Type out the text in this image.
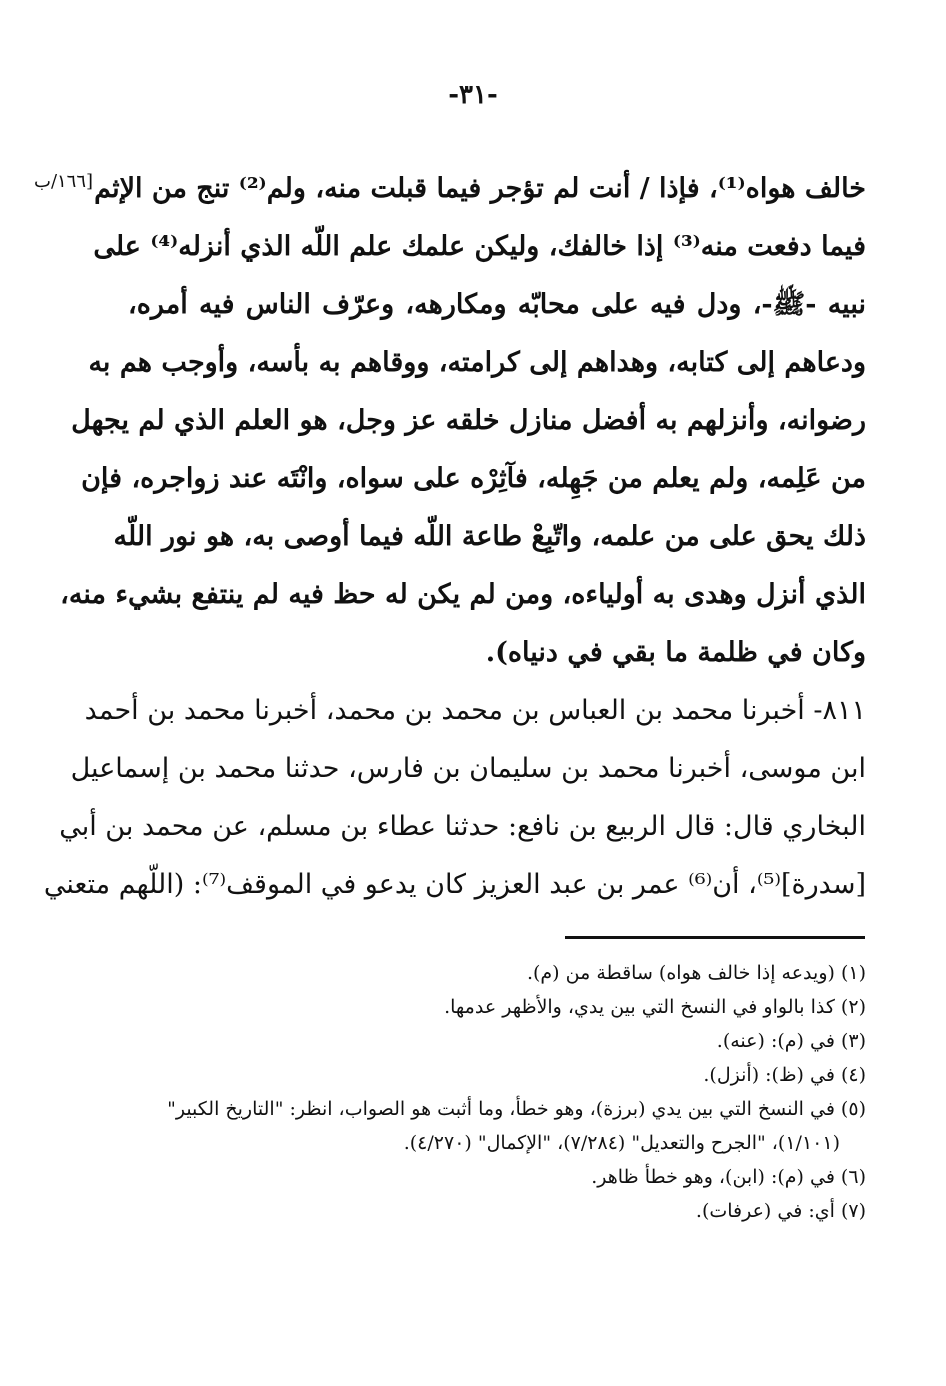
-٣١-
[١٦٦/ب خالف هواه⁽¹⁾، فإذا / أنت لم تؤجر فيما قبلت منه، ولم⁽²⁾ تنج من الإثم
فيما دفعت منه⁽³⁾ إذا خالفك، وليكن علمك علم اللّه الذي أنزله⁽⁴⁾ على
نبيه -ﷺ-، ودل فيه على محابّه ومكارهه، وعرّف الناس فيه أمره،
ودعاهم إلى كتابه، وهداهم إلى كرامته، ووقاهم به بأسه، وأوجب هم به
رضوانه، وأنزلهم به أفضل منازل خلقه عز وجل، هو العلم الذي لم يجهل
من عَلِمه، ولم يعلم من جَهِله، فآثِرْه على سواه، وانْتَه عند زواجره، فإن
ذلك يحق على من علمه، واتّبِعْ طاعة اللّه فيما أوصى به، هو نور اللّه
الذي أنزل وهدى به أولياءه، ومن لم يكن له حظ فيه لم ينتفع بشيء منه،
وكان في ظلمة ما بقي في دنياه).
٨١١- أخبرنا محمد بن العباس بن محمد بن محمد، أخبرنا محمد بن أحمد
ابن موسى، أخبرنا محمد بن سليمان بن فارس، حدثنا محمد بن إسماعيل
البخاري قال: قال الربيع بن نافع: حدثنا عطاء بن مسلم، عن محمد بن أبي
[سدرة]⁽⁵⁾، أن⁽⁶⁾ عمر بن عبد العزيز كان يدعو في الموقف⁽⁷⁾: (اللّهم متعني
(١) (ويدعه إذا خالف هواه) ساقطة من (م).
(٢) كذا بالواو في النسخ التي بين يدي، والأظهر عدمها.
(٣) في (م): (عنه).
(٤) في (ظ): (أنزل).
(٥) في النسخ التي بين يدي (برزة)، وهو خطأ، وما أثبت هو الصواب، انظر: "التاريخ الكبير"
(١/١٠١)، "الجرح والتعديل" (٧/٢٨٤)، "الإكمال" (٤/٢٧٠).
(٦) في (م): (ابن)، وهو خطأ ظاهر.
(٧) أي: في (عرفات).
